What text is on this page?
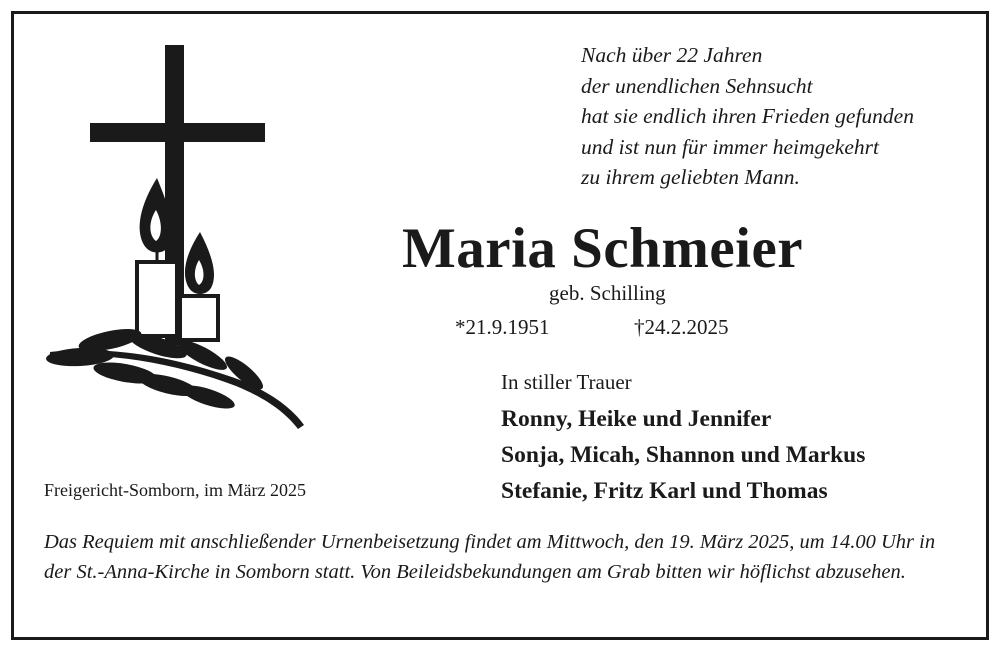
Nach über 22 Jahren
der unendlichen Sehnsucht
hat sie endlich ihren Frieden gefunden
und ist nun für immer heimgekehrt
zu ihrem geliebten Mann.
Maria Schmeier
geb. Schilling
*21.9.1951	†24.2.2025
In stiller Trauer
Ronny, Heike und Jennifer
Sonja, Micah, Shannon und Markus
Stefanie, Fritz Karl und Thomas
Freigericht-Somborn, im März 2025
Das Requiem mit anschließender Urnenbeisetzung findet am Mittwoch, den 19. März 2025, um 14.00 Uhr in der St.-Anna-Kirche in Somborn statt. Von Beileidsbekundungen am Grab bitten wir höflichst abzusehen.
